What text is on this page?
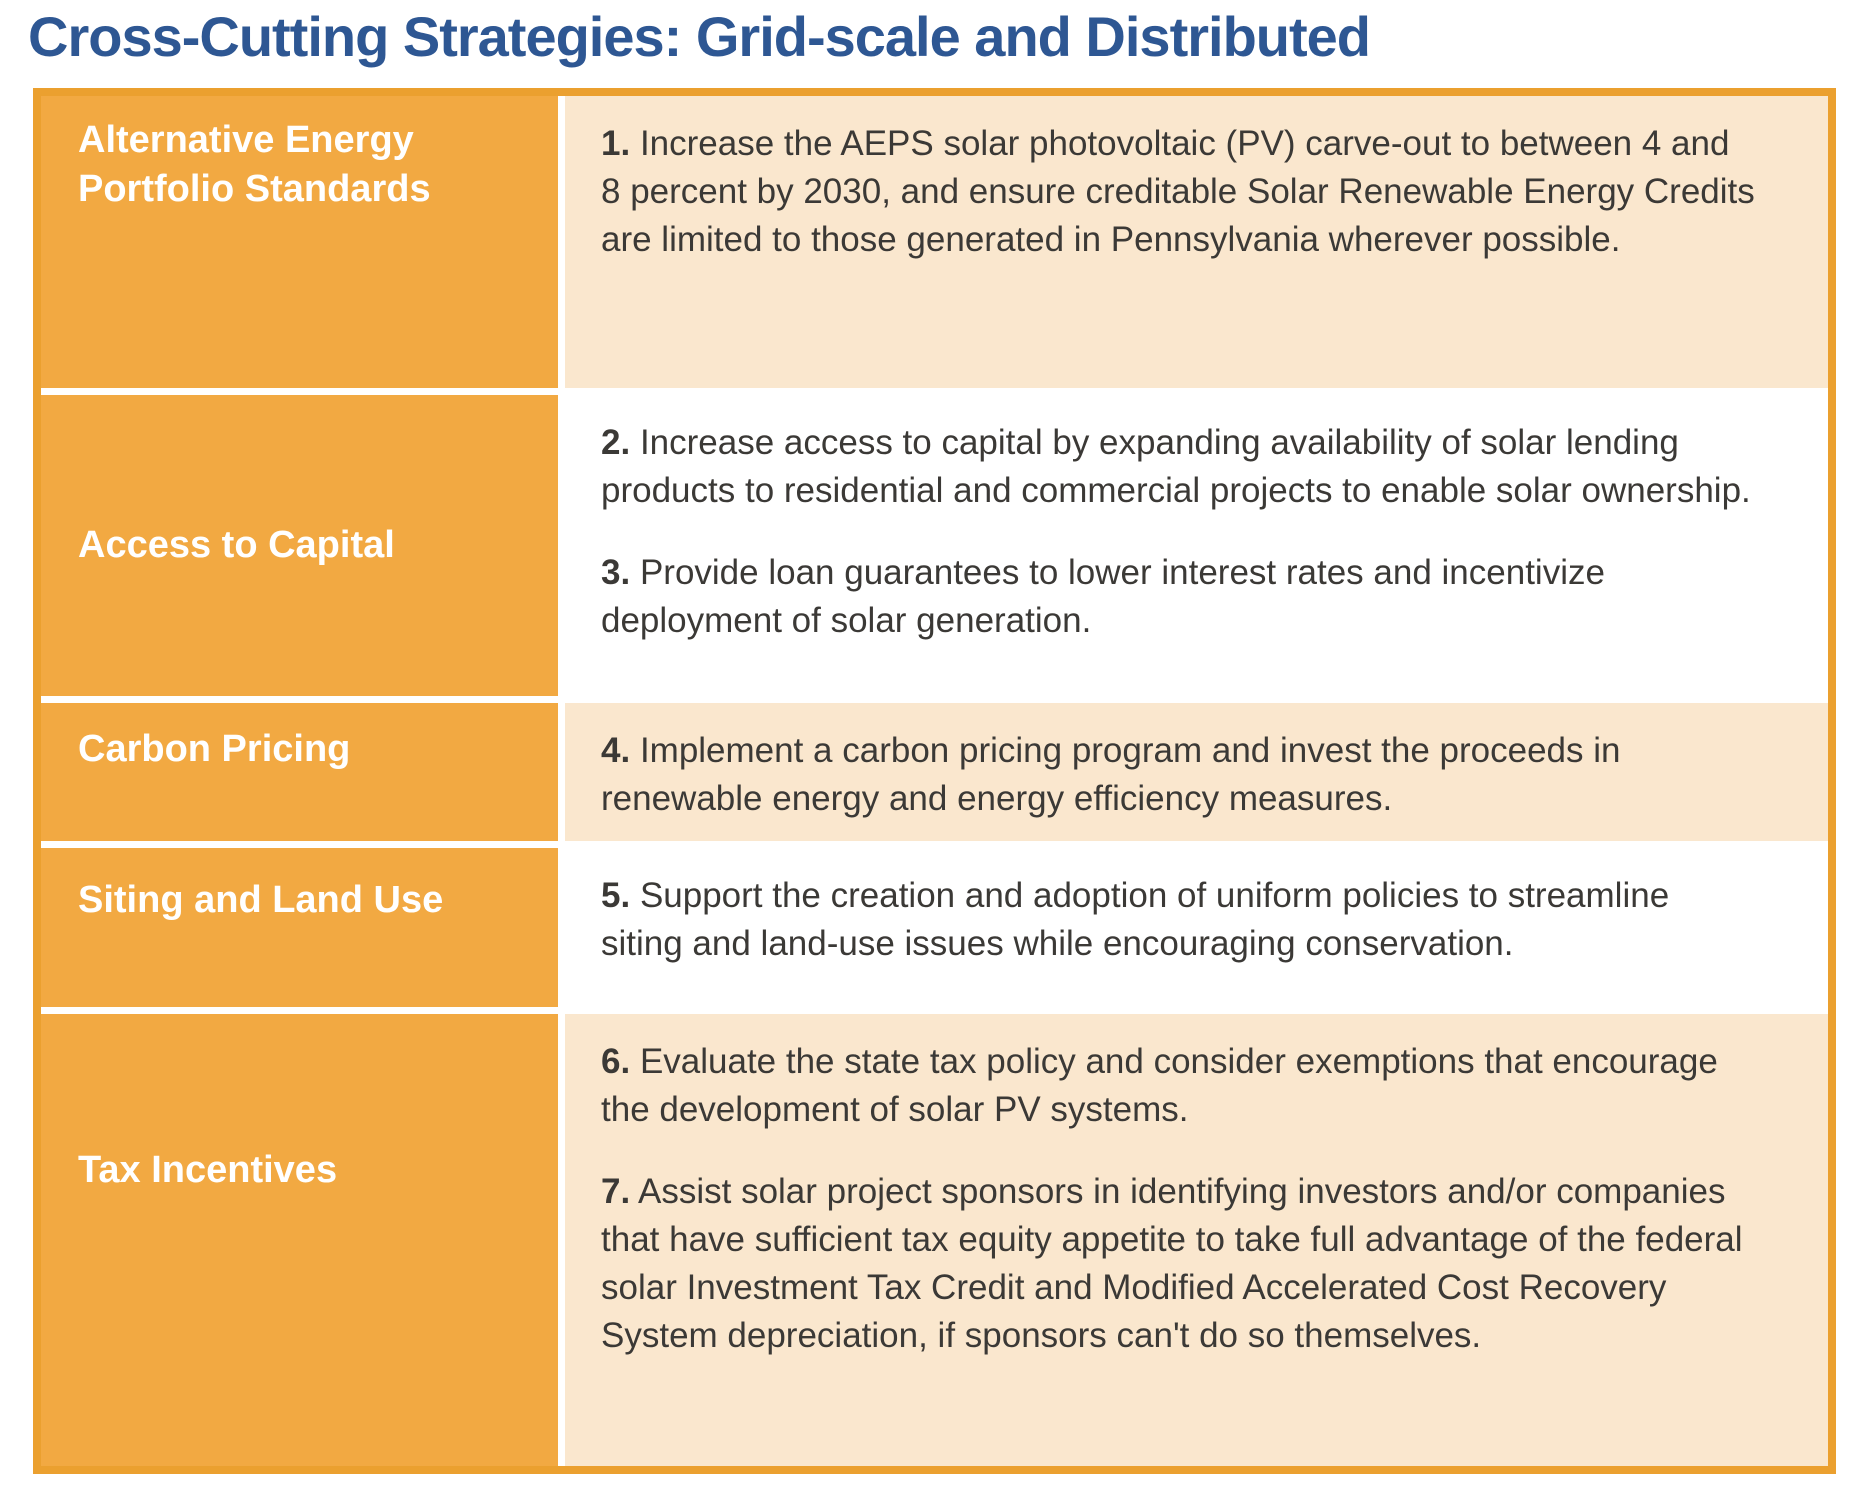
Cross-Cutting Strategies: Grid-scale and Distributed
Alternative Energy Portfolio Standards

1. Increase the AEPS solar photovoltaic (PV) carve-out to between 4 and 8 percent by 2030, and ensure creditable Solar Renewable Energy Credits are limited to those generated in Pennsylvania wherever possible.

Access to Capital

2. Increase access to capital by expanding availability of solar lending products to residential and commercial projects to enable solar ownership.

3. Provide loan guarantees to lower interest rates and incentivize deployment of solar generation.

Carbon Pricing	4. Implement a carbon pricing program and invest the proceeds in renewable energy and energy efficiency measures.

Siting and Land Use	5. Support the creation and adoption of uniform policies to streamline siting and land-use issues while encouraging conservation.

Tax Incentives

6. Evaluate the state tax policy and consider exemptions that encourage the development of solar PV systems.

7. Assist solar project sponsors in identifying investors and/or companies that have sufficient tax equity appetite to take full advantage of the federal solar Investment Tax Credit and Modified Accelerated Cost Recovery System depreciation, if sponsors can't do so themselves.
